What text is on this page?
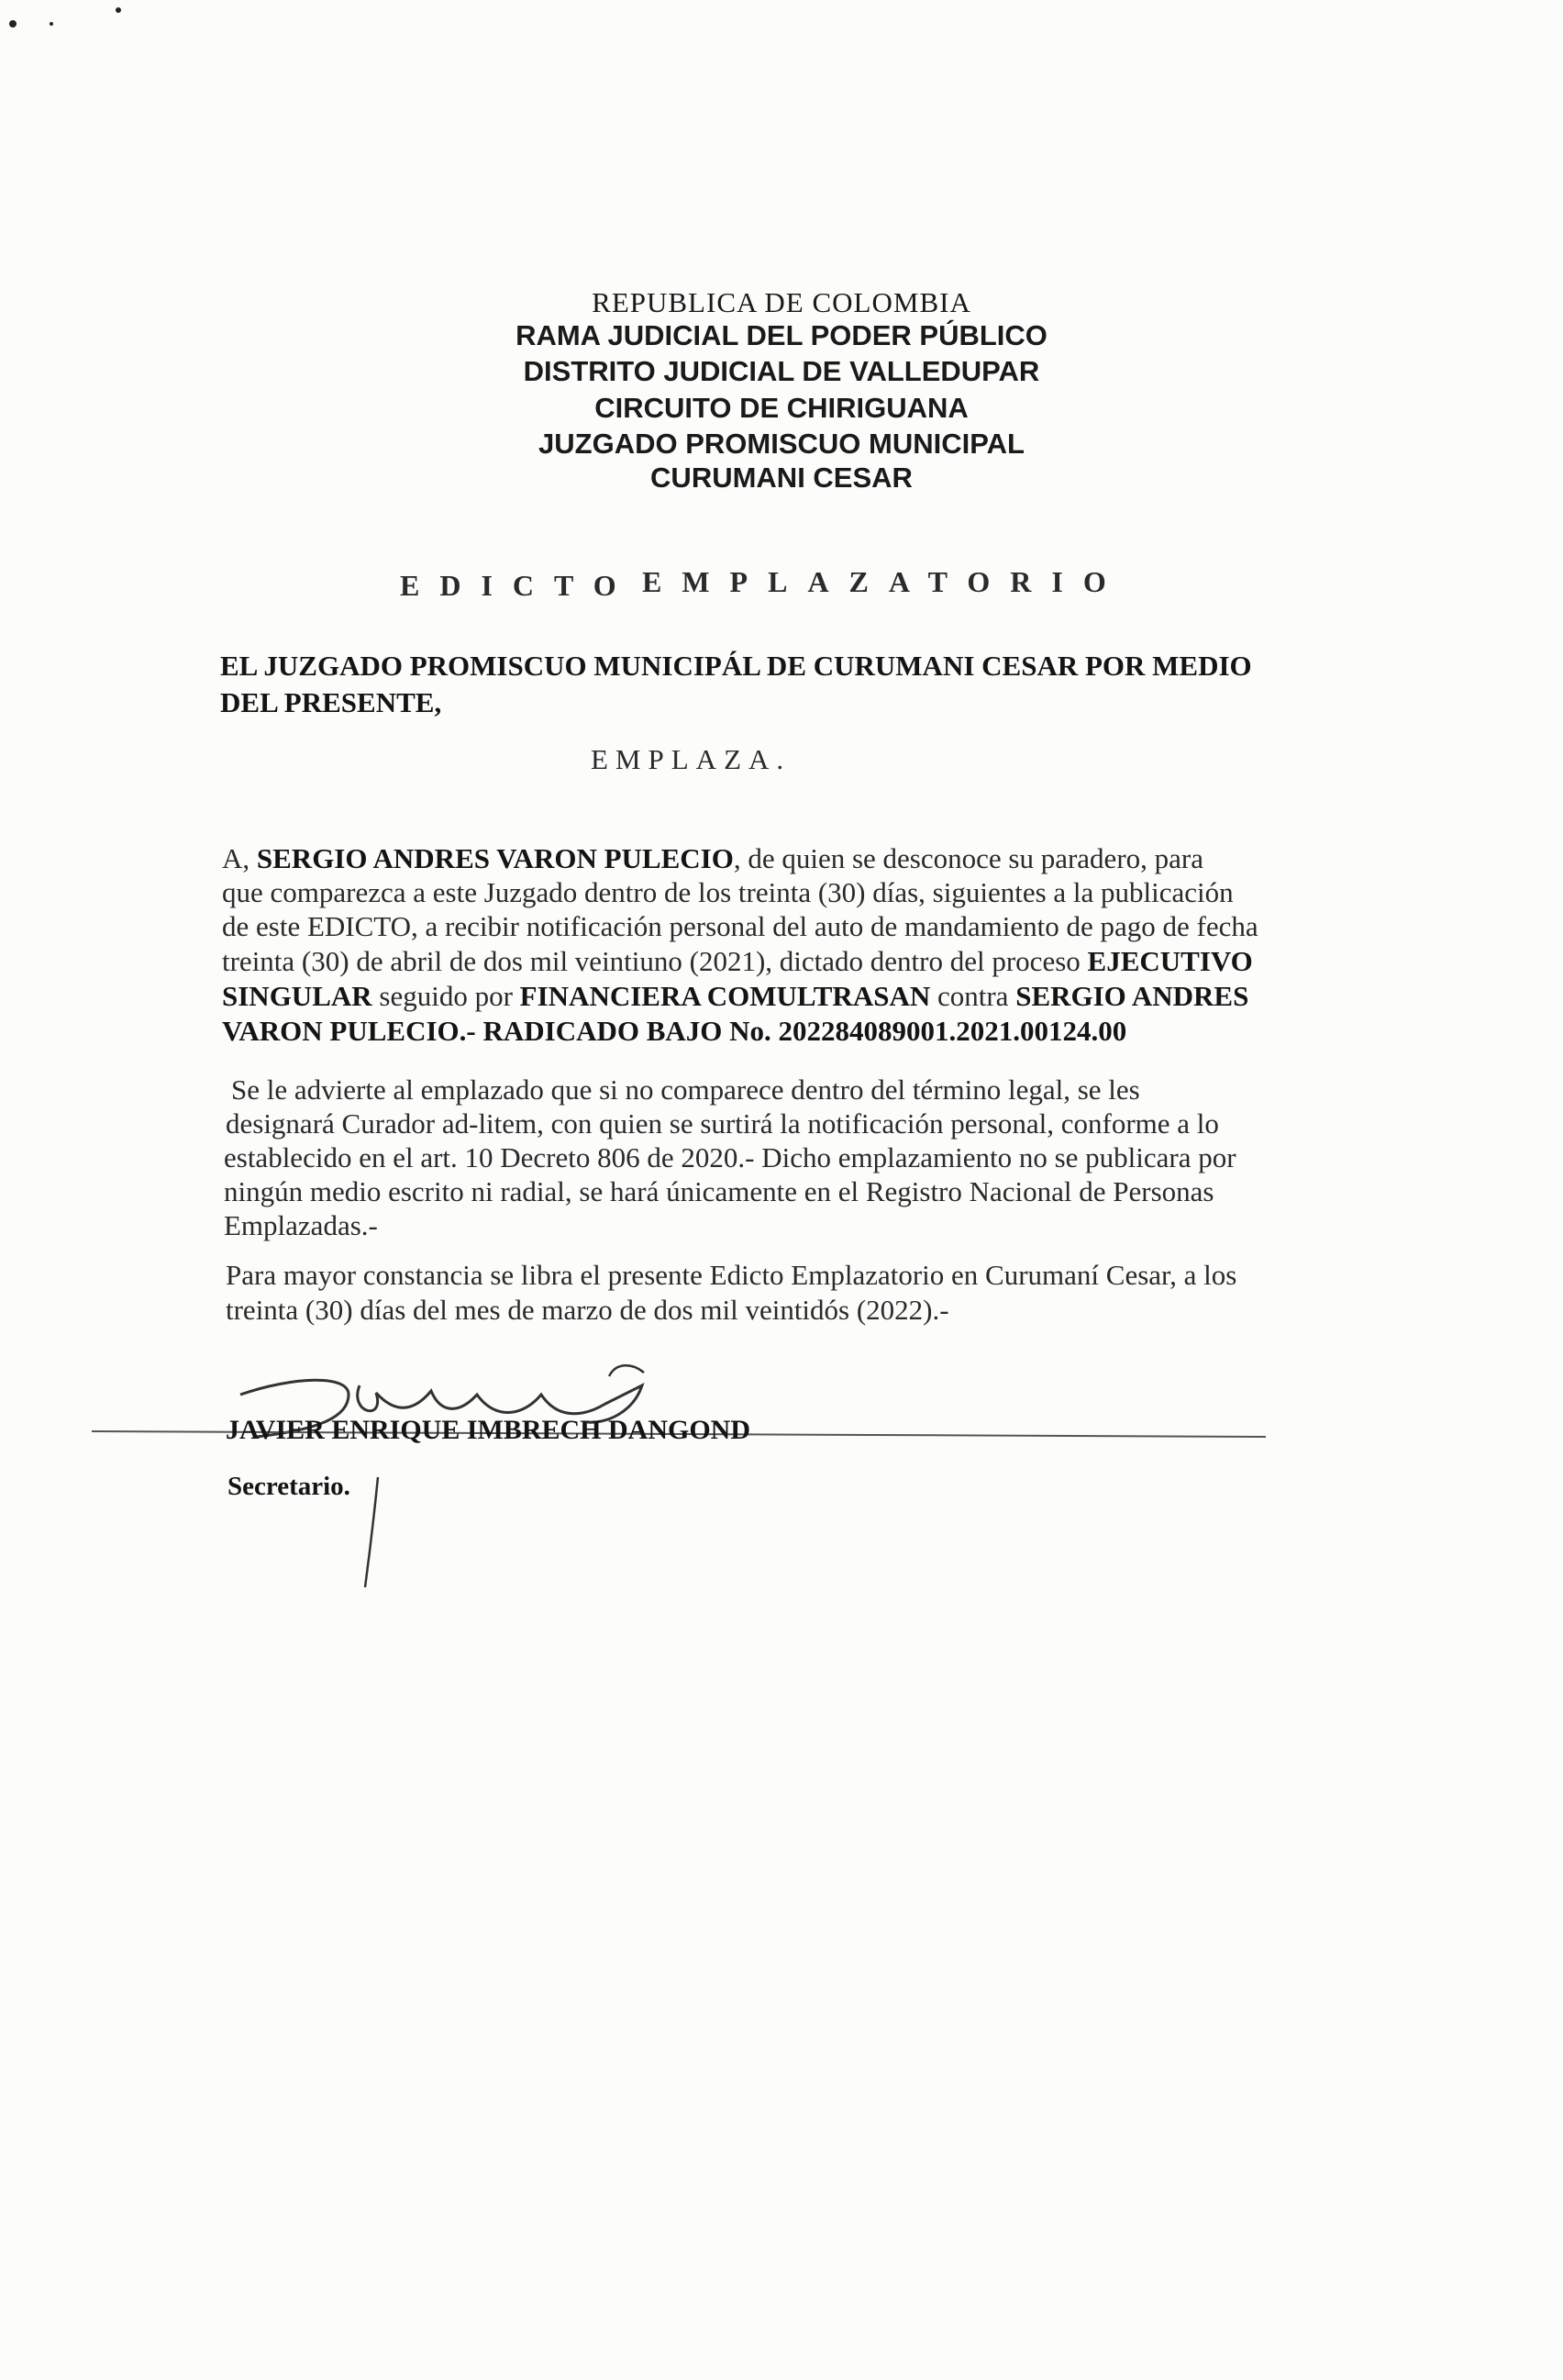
REPUBLICA DE COLOMBIA
RAMA JUDICIAL DEL PODER PÚBLICO
DISTRITO JUDICIAL DE VALLEDUPAR
CIRCUITO DE CHIRIGUANA
JUZGADO PROMISCUO MUNICIPAL
CURUMANI CESAR
EDICTO EMPLAZATORIO
EL JUZGADO PROMISCUO MUNICIPÁL DE CURUMANI CESAR POR MEDIO
DEL PRESENTE,
EMPLAZA.
A, SERGIO ANDRES VARON PULECIO, de quien se desconoce su paradero, para
que comparezca a este Juzgado dentro de los treinta (30) días, siguientes a la publicación
de este EDICTO, a recibir notificación personal del auto de mandamiento de pago de fecha
treinta (30) de abril de dos mil veintiuno (2021), dictado dentro del proceso EJECUTIVO
SINGULAR seguido por FINANCIERA COMULTRASAN contra SERGIO ANDRES
VARON PULECIO.- RADICADO BAJO No. 202284089001.2021.00124.00
Se le advierte al emplazado que si no comparece dentro del término legal, se les
designará Curador ad-litem, con quien se surtirá la notificación personal, conforme a lo
establecido en el art. 10 Decreto 806 de 2020.- Dicho emplazamiento no se publicara por
ningún medio escrito ni radial, se hará únicamente en el Registro Nacional de Personas
Emplazadas.-
Para mayor constancia se libra el presente Edicto Emplazatorio en Curumaní Cesar, a los
treinta (30) días del mes de marzo de dos mil veintidós (2022).-
JAVIER ENRIQUE IMBRECH DANGOND
Secretario.
